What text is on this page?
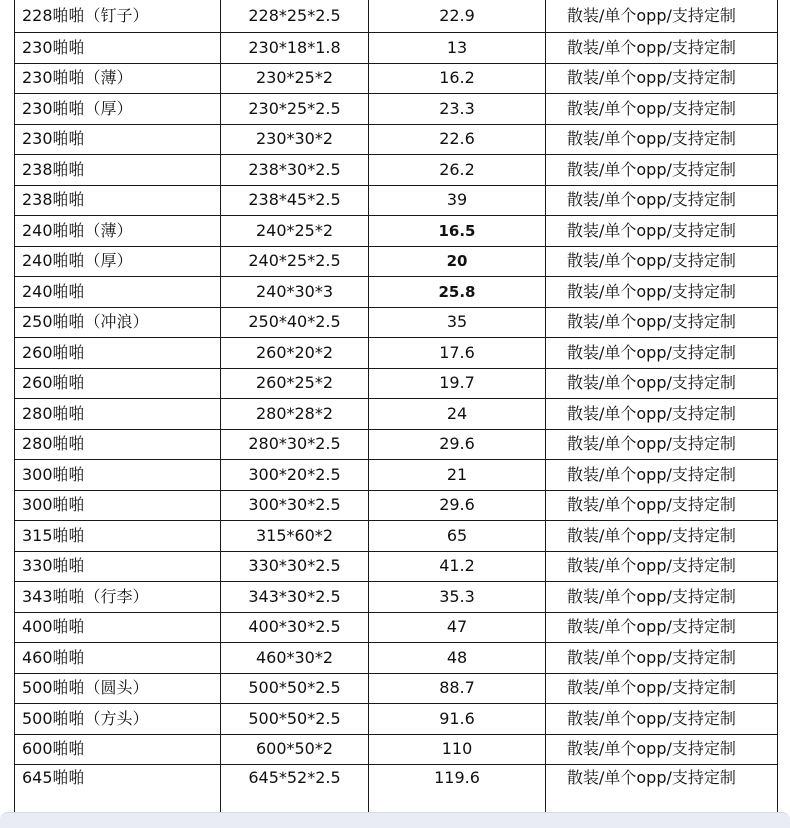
228啪啪（钉子）	228*25*2.5	22.9	散装/单个opp/支持定制
230啪啪	230*18*1.8	13	散装/单个opp/支持定制
230啪啪（薄）	230*25*2	16.2	散装/单个opp/支持定制
230啪啪（厚）	230*25*2.5	23.3	散装/单个opp/支持定制
230啪啪	230*30*2	22.6	散装/单个opp/支持定制
238啪啪	238*30*2.5	26.2	散装/单个opp/支持定制
238啪啪	238*45*2.5	39	散装/单个opp/支持定制
240啪啪（薄）	240*25*2	16.5	散装/单个opp/支持定制
240啪啪（厚）	240*25*2.5	20	散装/单个opp/支持定制
240啪啪	240*30*3	25.8	散装/单个opp/支持定制
250啪啪（冲浪）	250*40*2.5	35	散装/单个opp/支持定制
260啪啪	260*20*2	17.6	散装/单个opp/支持定制
260啪啪	260*25*2	19.7	散装/单个opp/支持定制
280啪啪	280*28*2	24	散装/单个opp/支持定制
280啪啪	280*30*2.5	29.6	散装/单个opp/支持定制
300啪啪	300*20*2.5	21	散装/单个opp/支持定制
300啪啪	300*30*2.5	29.6	散装/单个opp/支持定制
315啪啪	315*60*2	65	散装/单个opp/支持定制
330啪啪	330*30*2.5	41.2	散装/单个opp/支持定制
343啪啪（行李）	343*30*2.5	35.3	散装/单个opp/支持定制
400啪啪	400*30*2.5	47	散装/单个opp/支持定制
460啪啪	460*30*2	48	散装/单个opp/支持定制
500啪啪（圆头）	500*50*2.5	88.7	散装/单个opp/支持定制
500啪啪（方头）	500*50*2.5	91.6	散装/单个opp/支持定制
600啪啪	600*50*2	110	散装/单个opp/支持定制
645啪啪	645*52*2.5	119.6	散装/单个opp/支持定制
